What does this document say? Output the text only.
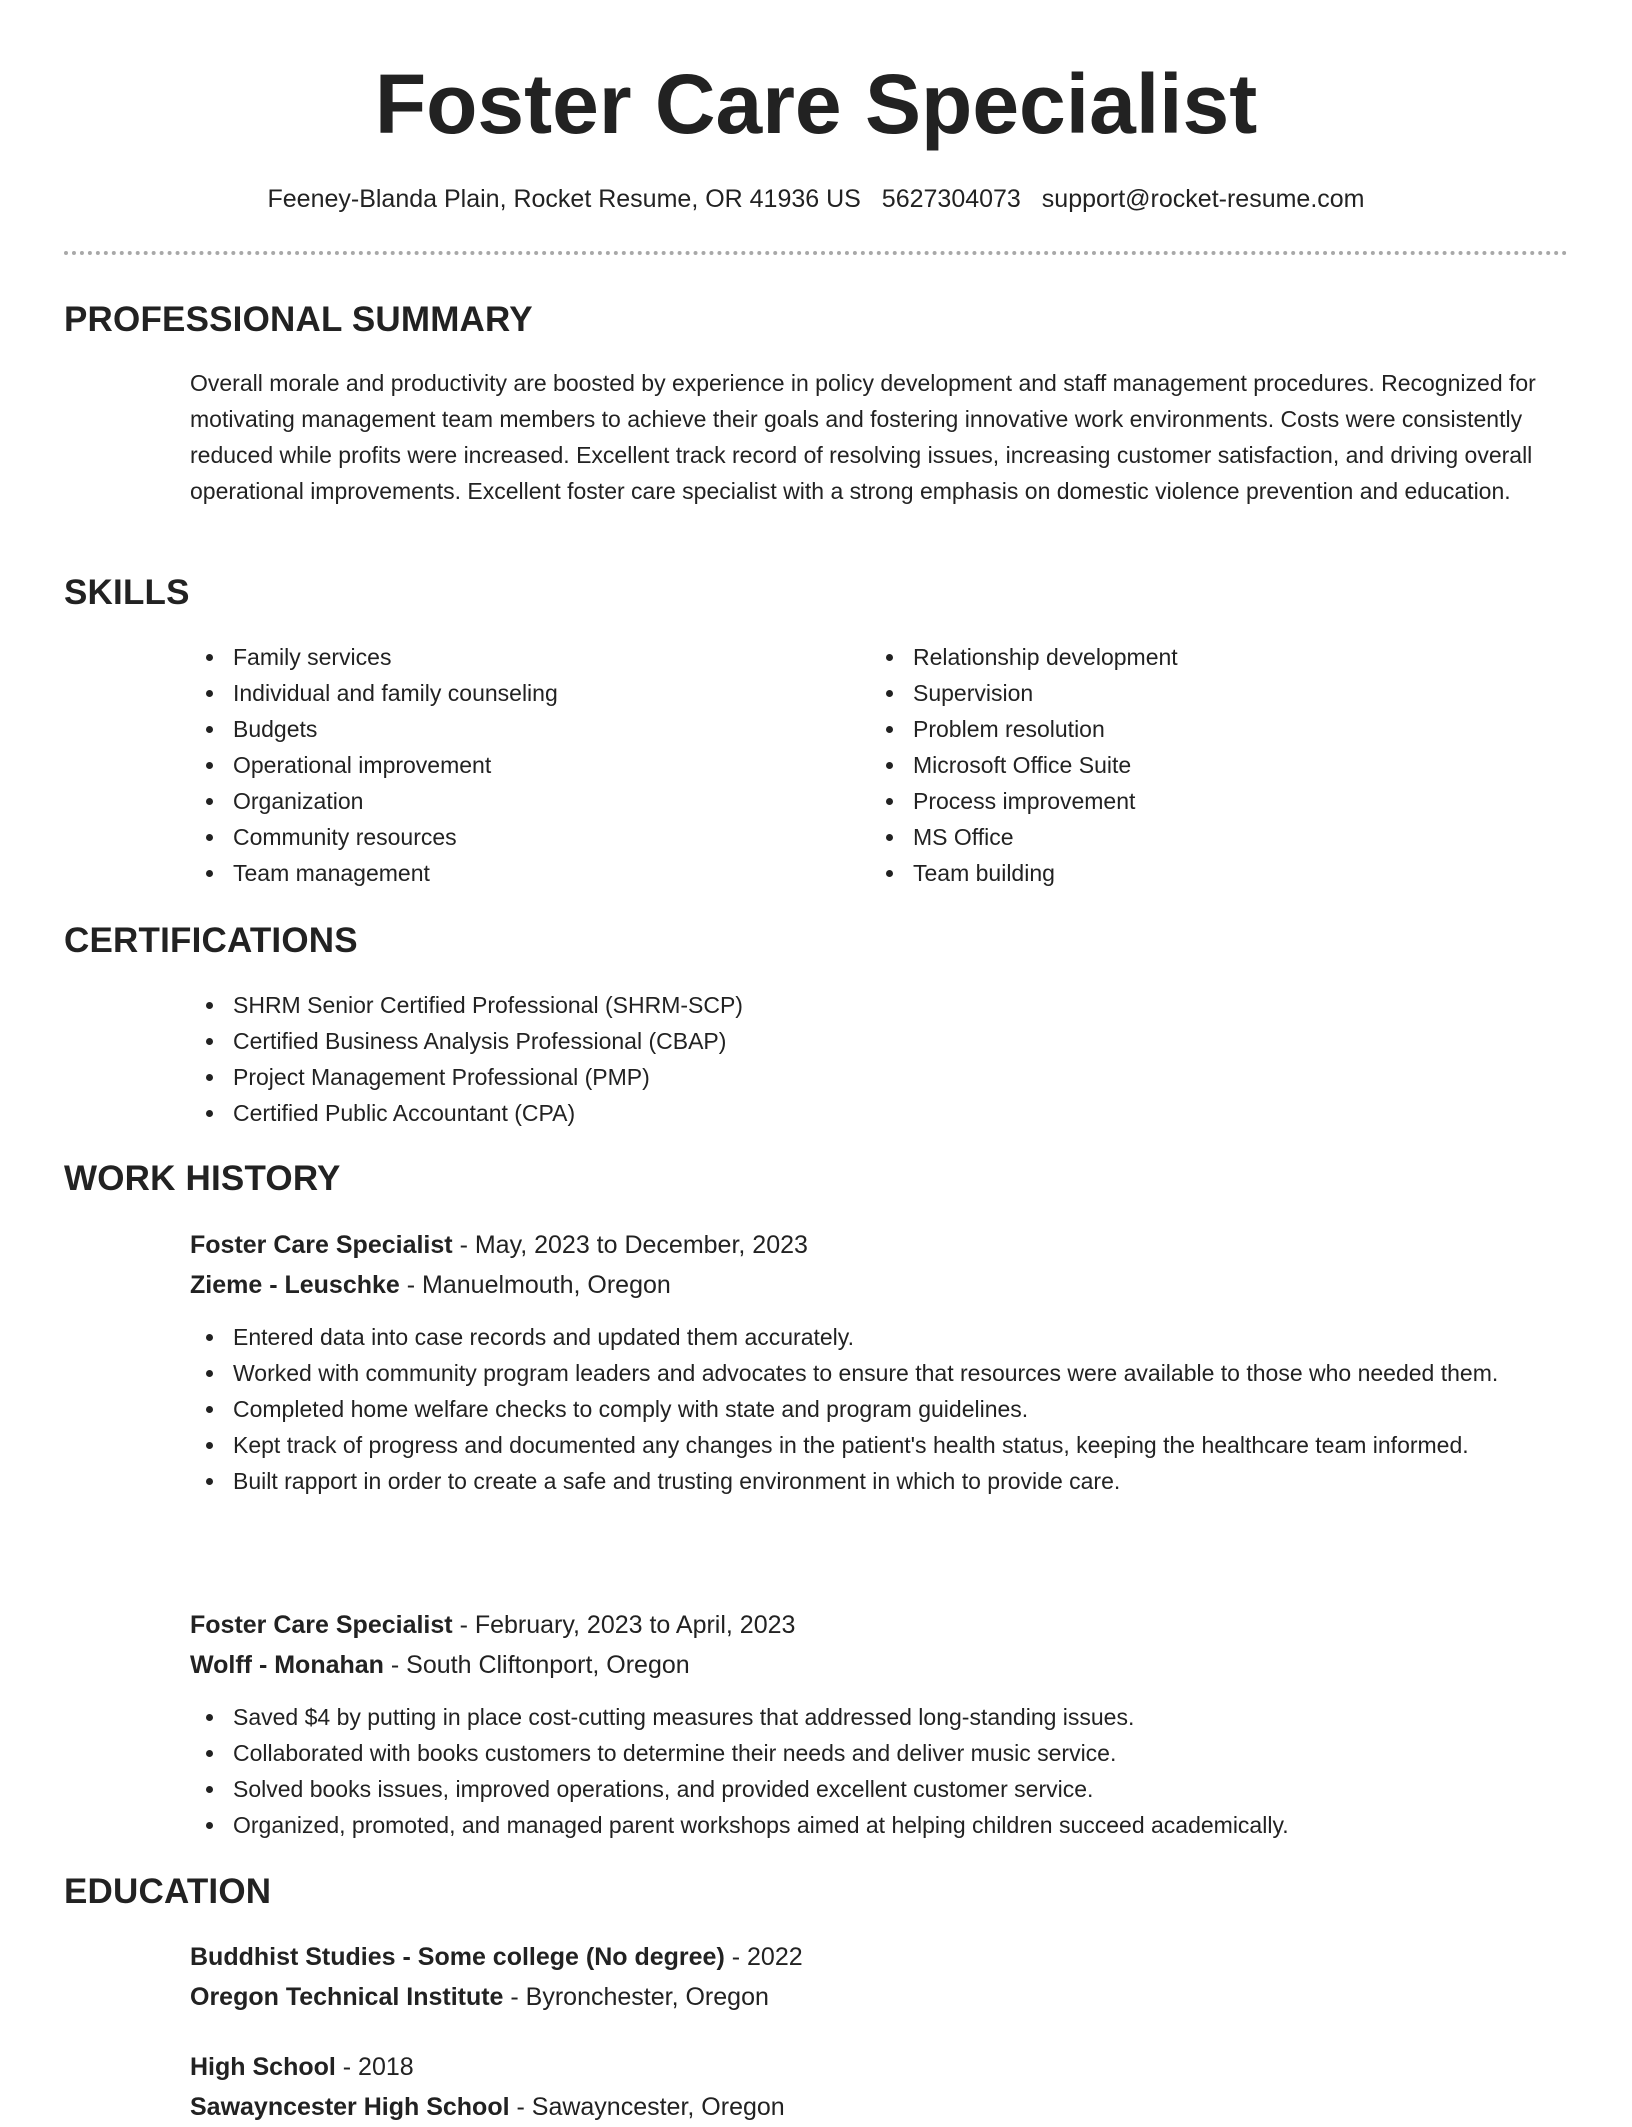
Foster Care Specialist
Feeney-Blanda Plain, Rocket Resume, OR 41936 US 5627304073 support@rocket-resume.com
PROFESSIONAL SUMMARY

Overall morale and productivity are boosted by experience in policy development and staff management procedures. Recognized for motivating management team members to achieve their goals and fostering innovative work environments. Costs were consistently reduced while profits were increased. Excellent track record of resolving issues, increasing customer satisfaction, and driving overall operational improvements. Excellent foster care specialist with a strong emphasis on domestic violence prevention and education.

SKILLS
Family services
Individual and family counseling
Budgets
Operational improvement
Organization
Community resources
Team management
Relationship development
Supervision
Problem resolution
Microsoft Office Suite
Process improvement
MS Office
Team building
CERTIFICATIONS
SHRM Senior Certified Professional (SHRM-SCP)
Certified Business Analysis Professional (CBAP)
Project Management Professional (PMP)
Certified Public Accountant (CPA)
WORK HISTORY
Foster Care Specialist - May, 2023 to December, 2023
Zieme - Leuschke - Manuelmouth, Oregon
Entered data into case records and updated them accurately.
Worked with community program leaders and advocates to ensure that resources were available to those who needed them.
Completed home welfare checks to comply with state and program guidelines.
Kept track of progress and documented any changes in the patient's health status, keeping the healthcare team informed.
Built rapport in order to create a safe and trusting environment in which to provide care.
Foster Care Specialist - February, 2023 to April, 2023
Wolff - Monahan - South Cliftonport, Oregon
Saved $4 by putting in place cost-cutting measures that addressed long-standing issues.
Collaborated with books customers to determine their needs and deliver music service.
Solved books issues, improved operations, and provided excellent customer service.
Organized, promoted, and managed parent workshops aimed at helping children succeed academically.
EDUCATION
Buddhist Studies - Some college (No degree) - 2022
Oregon Technical Institute - Byronchester, Oregon
High School - 2018
Sawayncester High School - Sawayncester, Oregon
